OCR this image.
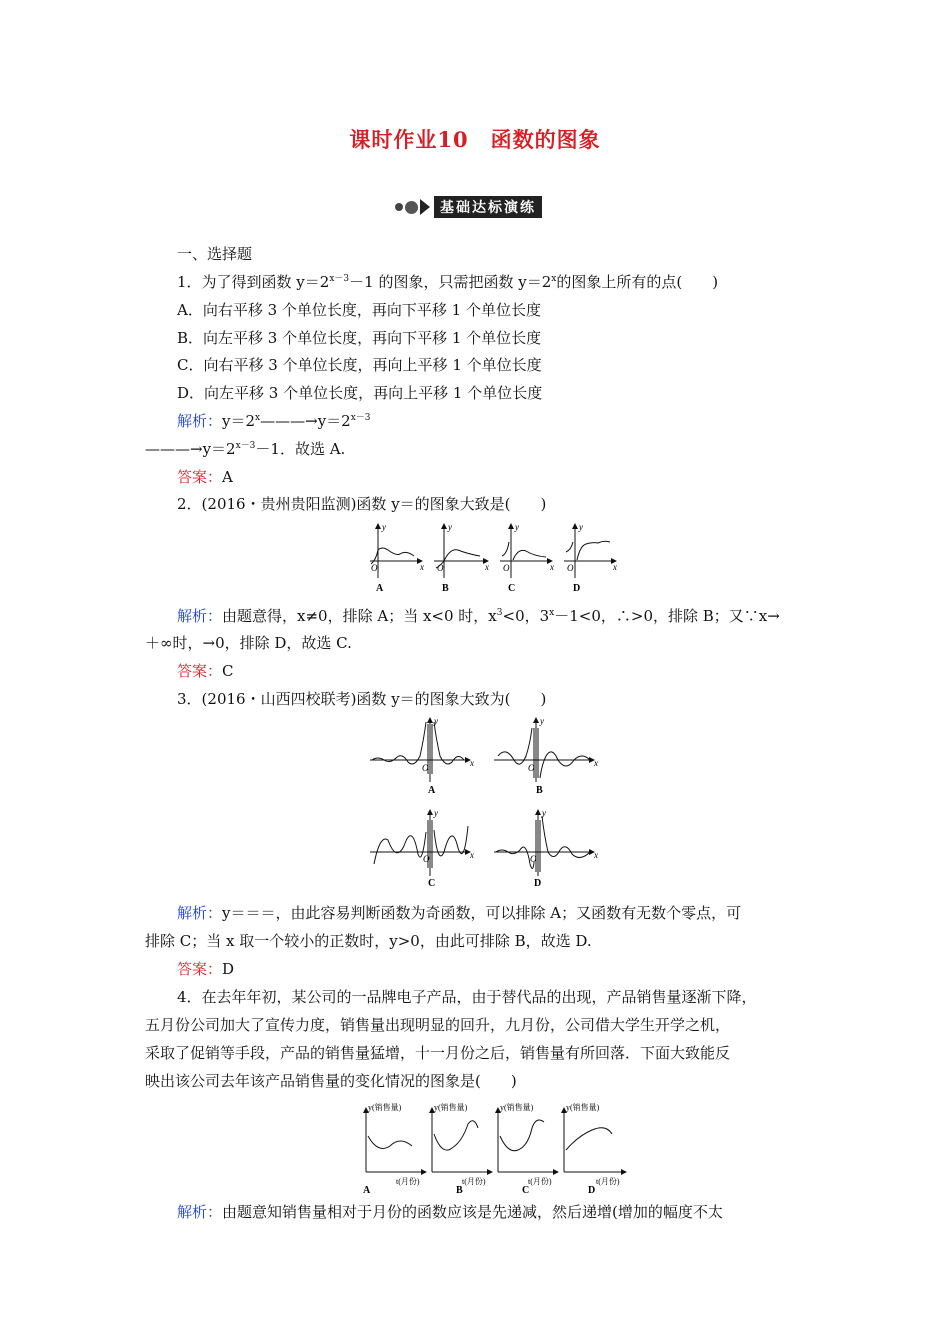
课时作业10　函数的图象
基础达标演练
一、选择题
1．为了得到函数 $y=2^{x-3}-1$ 的图象，只需把函数 $y=2^x$的图象上所有的点(　　)
A．向右平移 3 个单位长度，再向下平移 1 个单位长度
B．向左平移 3 个单位长度，再向下平移 1 个单位长度
C．向右平移 3 个单位长度，再向上平移 1 个单位长度
D．向左平移 3 个单位长度，再向上平移 1 个单位长度
解析：$y=2^x———\to y=2^{x-3}$
$———\to y=2^{x-3}-1$．故选 A.
答案：A
2．(2016・贵州贵阳监测)函数 y＝的图象大致是(　　)
y
x
O
A
y
x
O
B
y
x
O
C
y
x
O
D
解析：由题意得，x≠0，排除 A；当 x<0 时，$x^3<0$，$3^x-1<0$，∴>0，排除 B；又∵x→
＋∞时，→0，排除 D，故选 C.
答案：C
3．(2016・山西四校联考)函数 y＝的图象大致为(　　)
y
x
O
A
y
x
O
B
y
x
O
C
y
x
O
D
解析：y＝＝＝，由此容易判断函数为奇函数，可以排除 A；又函数有无数个零点，可
排除 C；当 x 取一个较小的正数时，y>0，由此可排除 B，故选 D.
答案：D
4．在去年年初，某公司的一品牌电子产品，由于替代品的出现，产品销售量逐渐下降，
五月份公司加大了宣传力度，销售量出现明显的回升，九月份，公司借大学生开学之机，
采取了促销等手段，产品的销售量猛增，十一月份之后，销售量有所回落．下面大致能反
映出该公司去年该产品销售量的变化情况的图象是(　　)
y(销售量)
t(月份)
A
y(销售量)
t(月份)
B
y(销售量)
t(月份)
C
y(销售量)
t(月份)
D
解析：由题意知销售量相对于月份的函数应该是先递减，然后递增(增加的幅度不太
